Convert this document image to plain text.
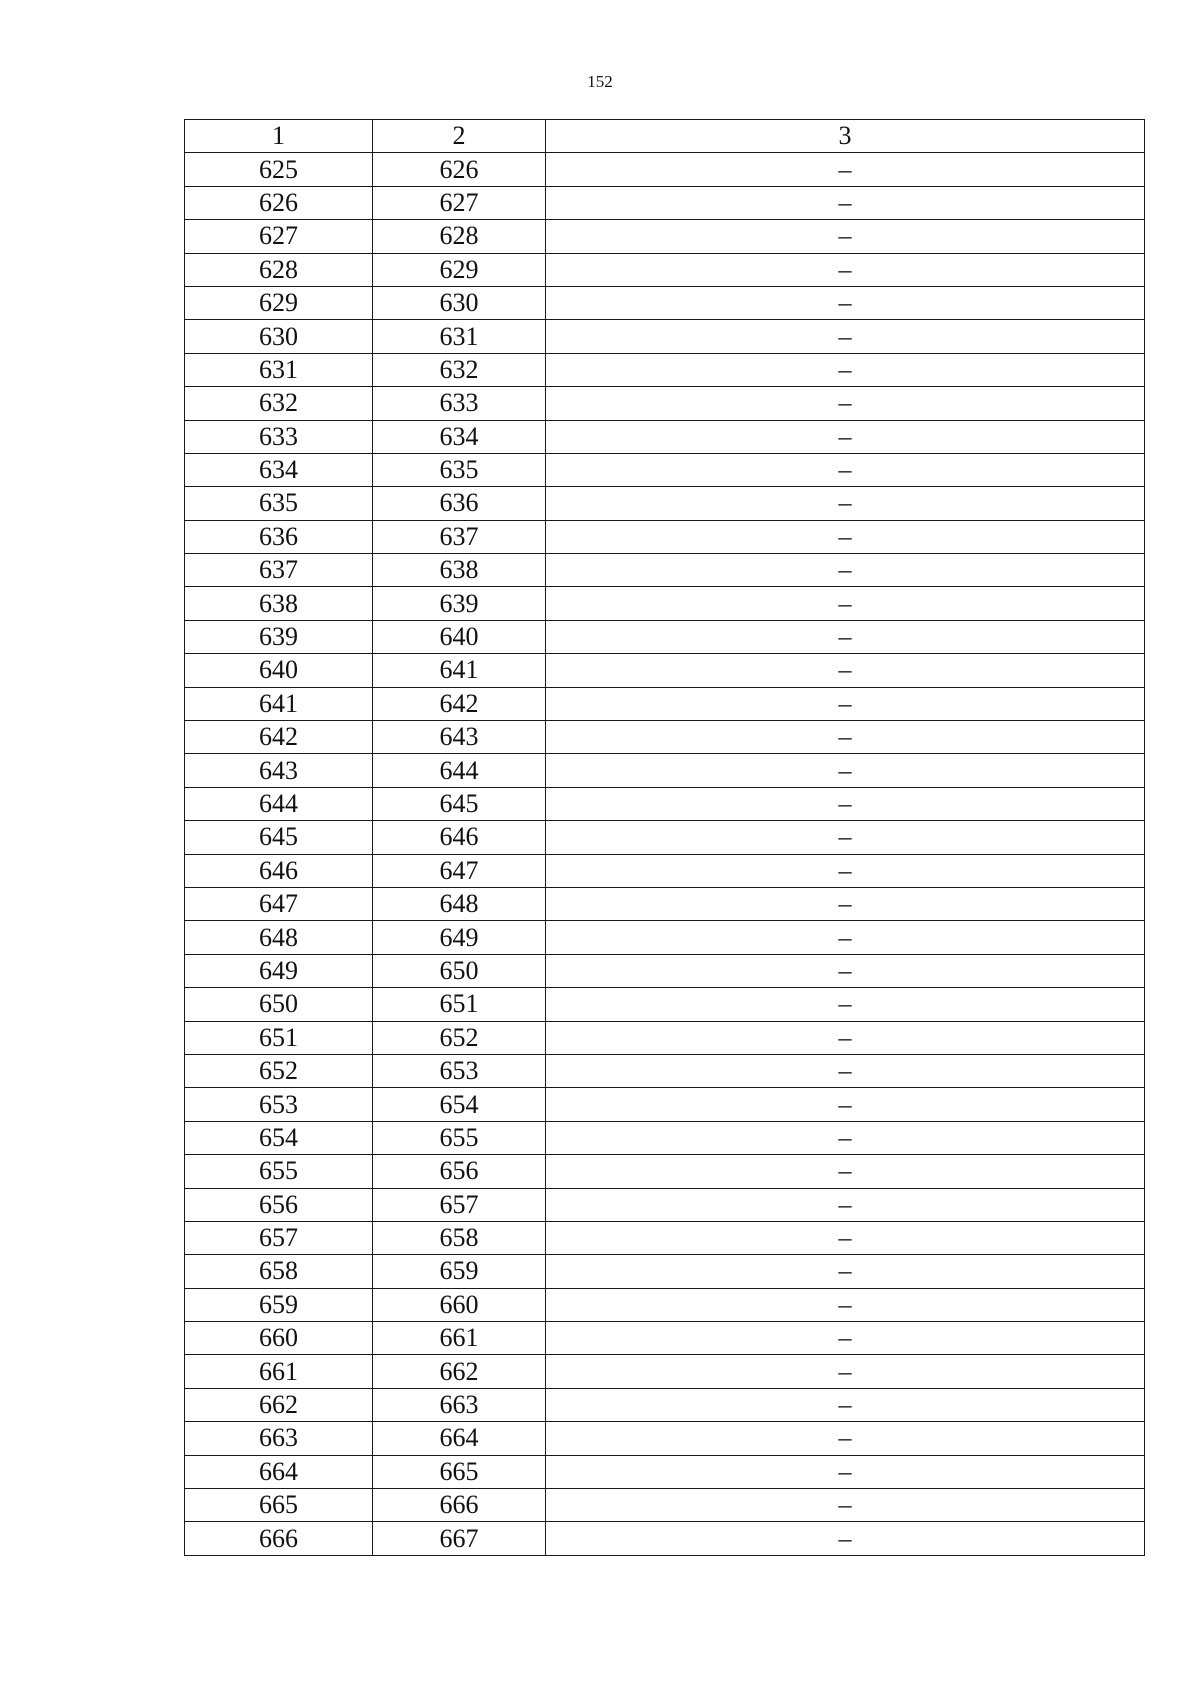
152
1	2	3
625	626	–
626	627	–
627	628	–
628	629	–
629	630	–
630	631	–
631	632	–
632	633	–
633	634	–
634	635	–
635	636	–
636	637	–
637	638	–
638	639	–
639	640	–
640	641	–
641	642	–
642	643	–
643	644	–
644	645	–
645	646	–
646	647	–
647	648	–
648	649	–
649	650	–
650	651	–
651	652	–
652	653	–
653	654	–
654	655	–
655	656	–
656	657	–
657	658	–
658	659	–
659	660	–
660	661	–
661	662	–
662	663	–
663	664	–
664	665	–
665	666	–
666	667	–
